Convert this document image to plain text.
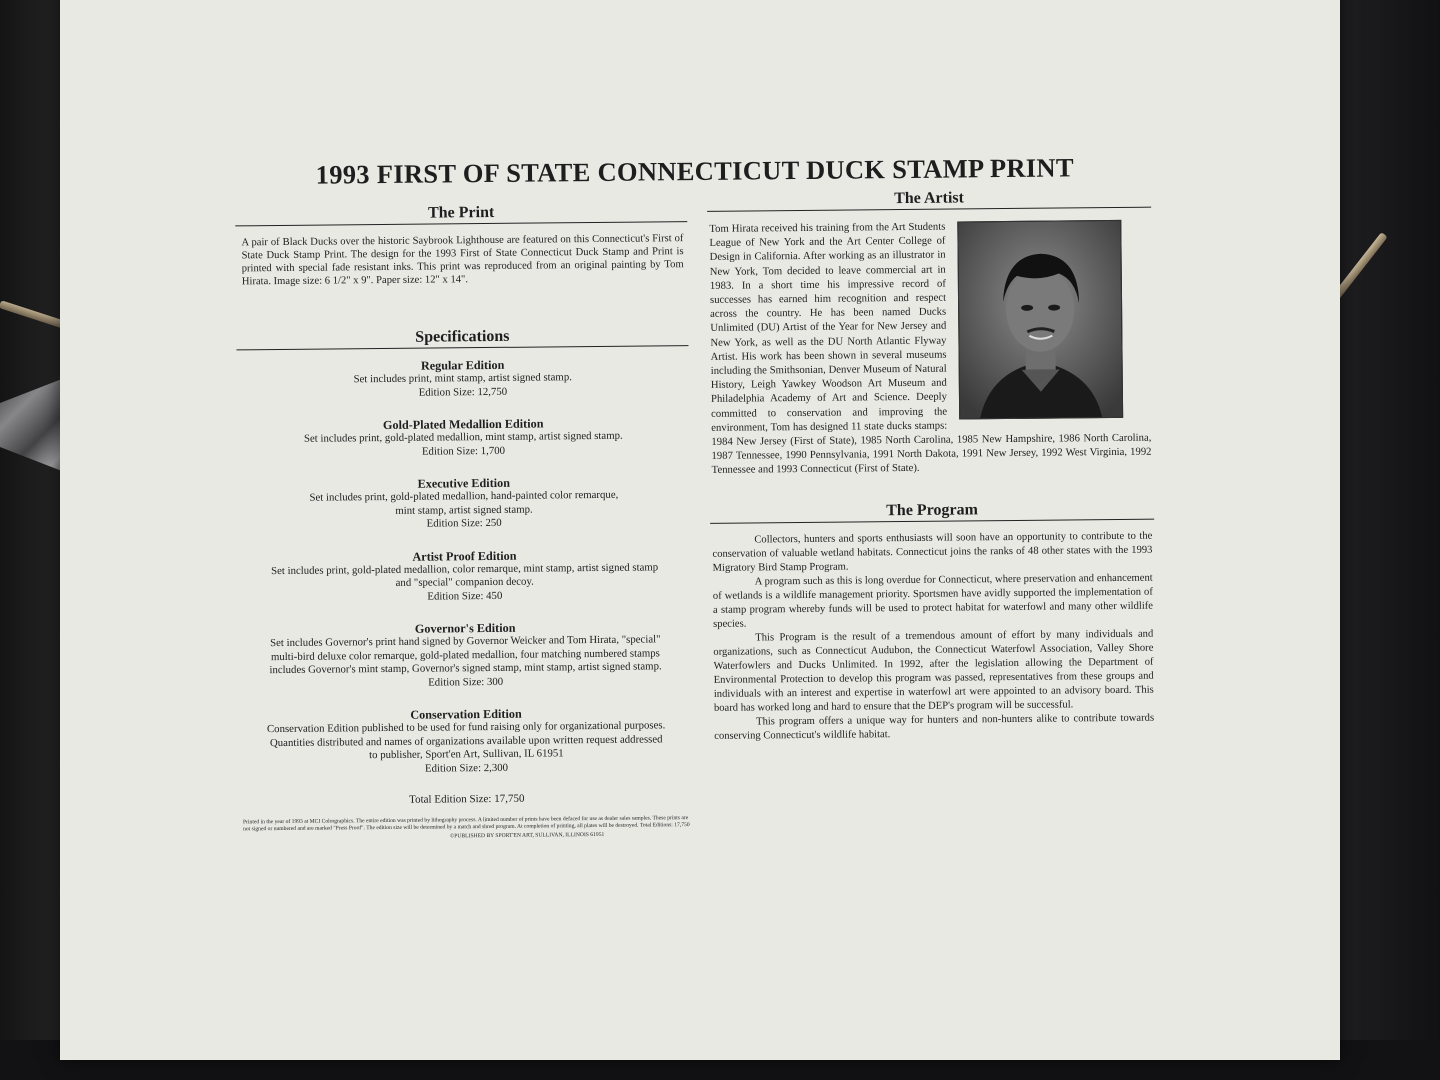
1993 FIRST OF STATE CONNECTICUT DUCK STAMP PRINT
The Print
A pair of Black Ducks over the historic Saybrook Lighthouse are featured on this Connecticut's First of State Duck Stamp Print. The design for the 1993 First of State Connecticut Duck Stamp and Print is printed with special fade resistant inks. This print was reproduced from an original painting by Tom Hirata. Image size: 6 1/2" x 9". Paper size: 12" x 14".
Specifications
Regular Edition
Set includes print, mint stamp, artist signed stamp.
Edition Size: 12,750
Gold-Plated Medallion Edition
Set includes print, gold-plated medallion, mint stamp, artist signed stamp.
Edition Size: 1,700
Executive Edition
Set includes print, gold-plated medallion, hand-painted color remarque,
mint stamp, artist signed stamp.
Edition Size: 250
Artist Proof Edition
Set includes print, gold-plated medallion, color remarque, mint stamp, artist signed stamp
and "special" companion decoy.
Edition Size: 450
Governor's Edition
Set includes Governor's print hand signed by Governor Weicker and Tom Hirata, "special"
multi-bird deluxe color remarque, gold-plated medallion, four matching numbered stamps
includes Governor's mint stamp, Governor's signed stamp, mint stamp, artist signed stamp.
Edition Size: 300
Conservation Edition
Conservation Edition published to be used for fund raising only for organizational purposes.
Quantities distributed and names of organizations available upon written request addressed
to publisher, Sport'en Art, Sullivan, IL 61951
Edition Size: 2,300
Total Edition Size: 17,750
Printed in the year of 1993 at MCI Colorgraphics. The entire edition was printed by lithography process. A limited number of prints have been defaced for use as dealer sales samples. These prints are not signed or numbered and are marked "Press Proof". The edition size will be determined by a match and shred program. At completion of printing, all plates will be destroyed. Total Editions: 17,750
©PUBLISHED BY SPORT'EN ART, SULLIVAN, ILLINOIS 61951
The Artist
Tom Hirata received his training from the Art Students League of New York and the Art Center College of Design in California. After working as an illustrator in New York, Tom decided to leave commercial art in 1983. In a short time his impressive record of successes has earned him recognition and respect across the country. He has been named Ducks Unlimited (DU) Artist of the Year for New Jersey and New York, as well as the DU North Atlantic Flyway Artist. His work has been shown in several museums including the Smithsonian, Denver Museum of Natural History, Leigh Yawkey Woodson Art Museum and Philadelphia Academy of Art and Science. Deeply committed to conservation and improving the environment, Tom has designed 11 state ducks stamps: 1984 New Jersey (First of State), 1985 North Carolina, 1985 New Hampshire, 1986 North Carolina, 1987 Tennessee, 1990 Pennsylvania, 1991 North Dakota, 1991 New Jersey, 1992 West Virginia, 1992 Tennessee and 1993 Connecticut (First of State).
The Program

Collectors, hunters and sports enthusiasts will soon have an opportunity to contribute to the conservation of valuable wetland habitats. Connecticut joins the ranks of 48 other states with the 1993 Migratory Bird Stamp Program.

A program such as this is long overdue for Connecticut, where preservation and enhancement of wetlands is a wildlife management priority. Sportsmen have avidly supported the implementation of a stamp program whereby funds will be used to protect habitat for waterfowl and many other wildlife species.

This Program is the result of a tremendous amount of effort by many individuals and organizations, such as Connecticut Audubon, the Connecticut Waterfowl Association, Valley Shore Waterfowlers and Ducks Unlimited. In 1992, after the legislation allowing the Department of Environmental Protection to develop this program was passed, representatives from these groups and individuals with an interest and expertise in waterfowl art were appointed to an advisory board. This board has worked long and hard to ensure that the DEP's program will be successful.

This program offers a unique way for hunters and non-hunters alike to contribute towards conserving Connecticut's wildlife habitat.
